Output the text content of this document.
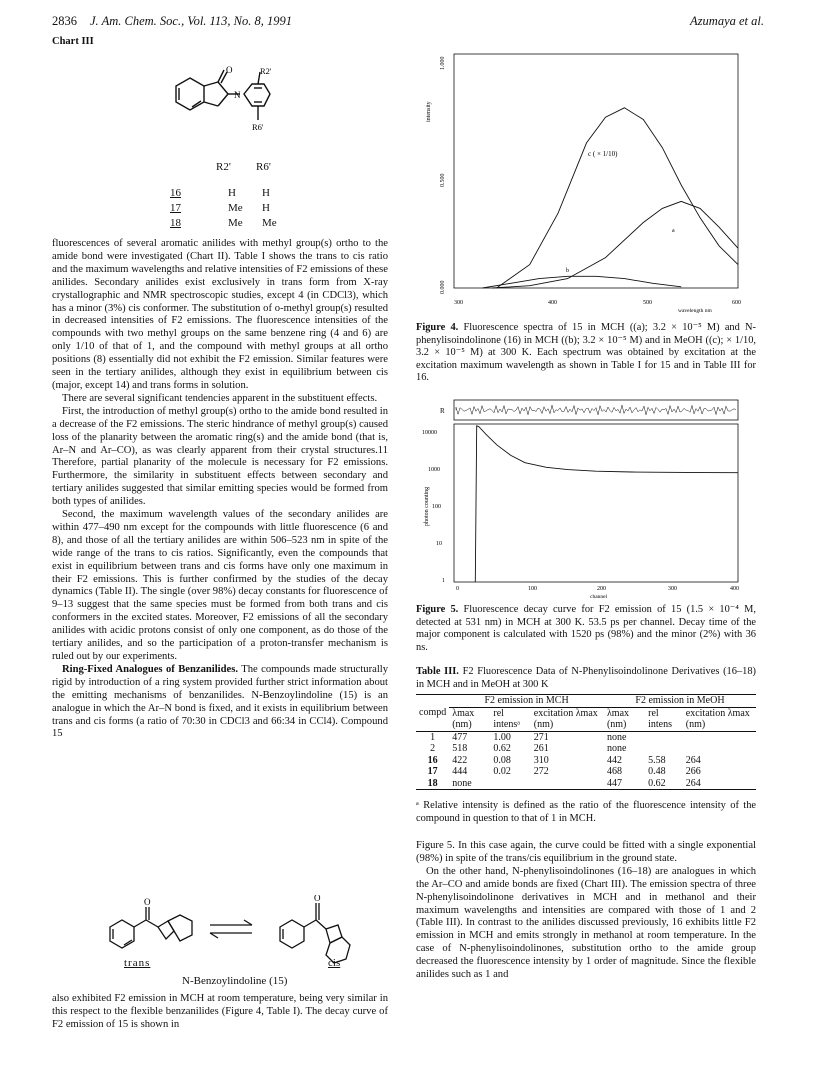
2836 J. Am. Chem. Soc., Vol. 113, No. 8, 1991	Azumaya et al.
Chart III
O	R2'
N
R6'
R2' R6'
16	H	H
17	Me	H
18	Me	Me

fluorescences of several aromatic anilides with methyl group(s) ortho to the amide bond were investigated (Chart II). Table I shows the trans to cis ratio and the maximum wavelengths and relative intensities of F2 emissions of these anilides. Secondary anilides exist exclusively in trans form from X-ray crystallographic and NMR spectroscopic studies, except 4 (in CDCl3), which has a minor (3%) cis conformer. The substitution of o-methyl group(s) resulted in decreased intensities of F2 emissions. The fluorescence intensities of the compounds with two methyl groups on the same benzene ring (4 and 6) are only 1/10 of that of 1, and the compound with methyl groups at all ortho positions (8) essentially did not exhibit the F2 emission. Similar features were seen in the tertiary anilides, although they exist in equilibrium between cis (major, except 14) and trans forms in solution.

There are several significant tendencies apparent in the substituent effects.

First, the introduction of methyl group(s) ortho to the amide bond resulted in a decrease of the F2 emissions. The steric hindrance of methyl group(s) caused loss of the planarity between the aromatic ring(s) and the amide bond (that is, Ar–N and Ar–CO), as was clearly apparent from their crystal structures.11 Therefore, partial planarity of the molecule is necessary for F2 emissions. Furthermore, the similarity in substituent effects between secondary and tertiary anilides suggested that similar emitting species would be formed from both types of anilides.

Second, the maximum wavelength values of the secondary anilides are within 477–490 nm except for the compounds with little fluorescence (6 and 8), and those of all the tertiary anilides are within 506–523 nm in spite of the wide range of the trans to cis ratios. Significantly, even the compounds that exist in equilibrium between trans and cis forms have only one maximum in their F2 emissions. This is further confirmed by the studies of the decay dynamics (Table II). The single (over 98%) decay constants for fluorescence of 9–13 suggest that the same species must be formed from both trans and cis conformers in the excited states. Moreover, F2 emissions of all the secondary anilides with acidic protons consist of only one component, as do those of the tertiary anilides, and so the participation of a proton-transfer mechanism is ruled out by our experiments.

Ring-Fixed Analogues of Benzanilides. The compounds made structurally rigid by introduction of a ring system provided further strict information about the emitting mechanisms of benzanilides. N-Benzoylindoline (15) is an analogue in which the Ar–N bond is fixed, and it exists in equilibrium between trans and cis forms (a ratio of 70:30 in CDCl3 and 66:34 in CCl4). Compound 15

O
O
trans	cis
N-Benzoylindoline (15)

also exhibited F2 emission in MCH at room temperature, being very similar in this respect to the flexible benzanilides (Figure 4, Table I). The decay curve of F2 emission of 15 is shown in

intensity
1.000
0.500
0.000
300	400	500	600
wavelength nm
c ( × 1/10)
a
b
Figure 4. Fluorescence spectra of 15 in MCH ((a); 3.2 × 10⁻⁵ M) and N-phenylisoindolinone (16) in MCH ((b); 3.2 × 10⁻⁵ M) and in MeOH ((c); × 1/10, 3.2 × 10⁻⁵ M) at 300 K. Each spectrum was obtained by excitation at the excitation maximum wavelength as shown in Table I for 15 and in Table III for 16.
R
photon counting
10000
1000
100
10
1
0	100	200	300	400
channel
Figure 5. Fluorescence decay curve for F2 emission of 15 (1.5 × 10⁻⁴ M, detected at 531 nm) in MCH at 300 K. 53.5 ps per channel. Decay time of the major component is calculated with 1520 ps (98%) and the minor (2%) with 36 ns.
Table III. F2 Fluorescence Data of N-Phenylisoindolinone Derivatives (16–18) in MCH and in MeOH at 300 K
	F2 emission in MCH			F2 emission in MeOH		
compd	λmax (nm)	rel intensᵃ	excitation λmax (nm)	λmax (nm)	rel intens	excitation λmax (nm)
1	477	1.00	271	none		
2	518	0.62	261	none		
16	422	0.08	310	442	5.58	264
17	444	0.02	272	468	0.48	266
18	none			447	0.62	264
ᵃ Relative intensity is defined as the ratio of the fluorescence intensity of the compound in question to that of 1 in MCH.

Figure 5. In this case again, the curve could be fitted with a single exponential (98%) in spite of the trans/cis equilibrium in the ground state.

On the other hand, N-phenylisoindolinones (16–18) are analogues in which the Ar–CO and amide bonds are fixed (Chart III). The emission spectra of three N-phenylisoindolinone derivatives in MCH and in methanol and their maximum wavelengths and intensities are compared with those of 1 and 2 (Table III). In contrast to the anilides discussed previously, 16 exhibits little F2 emission in MCH and emits strongly in methanol at room temperature. In the case of N-phenylisoindolinones, substitution ortho to the amide group decreased the fluorescence intensity by 1 order of magnitude. Since the flexible anilides such as 1 and
